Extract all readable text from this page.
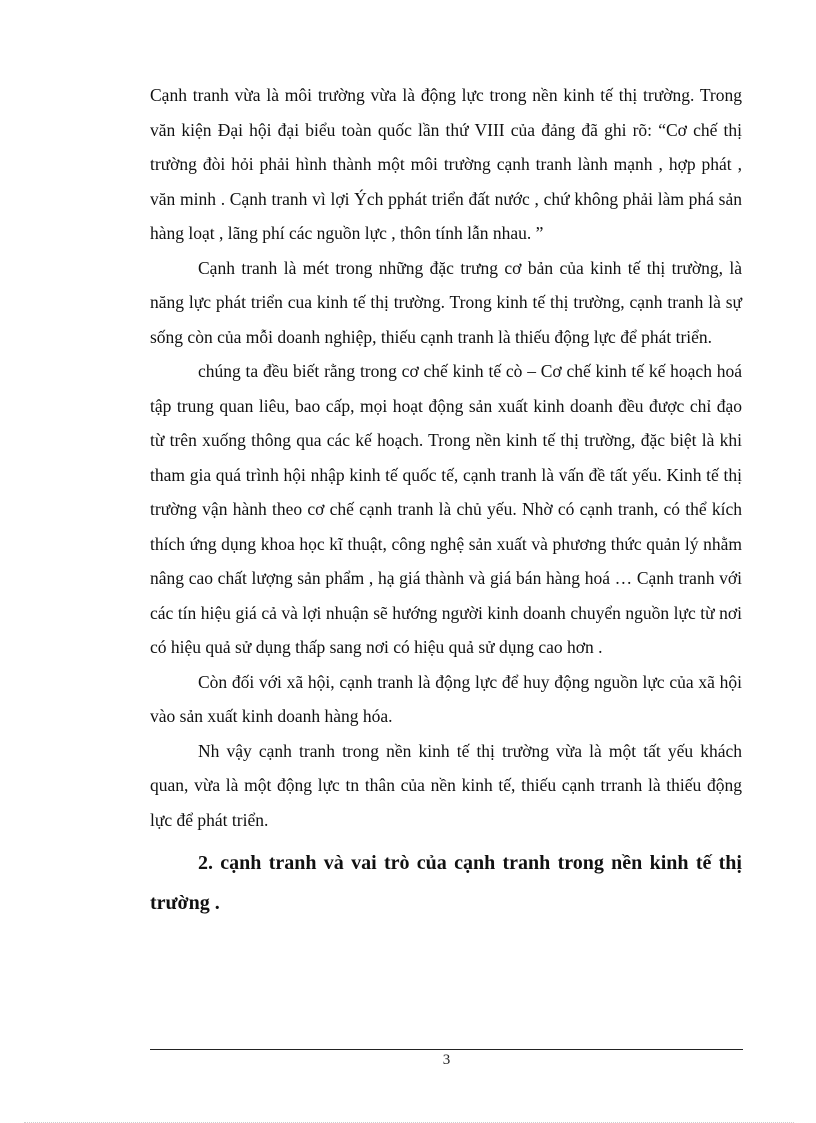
Cạnh tranh vừa là môi trường vừa là động lực trong nền kinh tế thị trường. Trong văn kiện Đại hội đại biểu toàn quốc lần thứ VIII của đảng đã ghi rõ: “Cơ chế thị trường đòi hỏi phải hình thành một môi trường cạnh tranh lành mạnh , hợp phát , văn minh . Cạnh tranh vì lợi Ých pphát triển đất nước , chứ không phải làm phá sản hàng loạt , lãng phí các nguồn lực , thôn tính lẫn nhau. ”

Cạnh tranh là mét trong những đặc trưng cơ bản của kinh tế thị trường, là năng lực phát triển cua kinh tế thị trường. Trong kinh tế thị trường, cạnh tranh là sự sống còn của mỗi doanh nghiệp, thiếu cạnh tranh là thiếu động lực để phát triển.

chúng ta đều biết rằng trong cơ chế kinh tế cò – Cơ chế kinh tế kế hoạch hoá tập trung quan liêu, bao cấp, mọi hoạt động sản xuất kinh doanh đều được chỉ đạo từ trên xuống thông qua các kế hoạch. Trong nền kinh tế thị trường, đặc biệt là khi tham gia quá trình hội nhập kinh tế quốc tế, cạnh tranh là vấn đề tất yếu. Kinh tế thị trường vận hành theo cơ chế cạnh tranh là chủ yếu. Nhờ có cạnh tranh, có thể kích thích ứng dụng khoa học kĩ thuật, công nghệ sản xuất và phương thức quản lý nhằm nâng cao chất lượng sản phẩm , hạ giá thành và giá bán hàng hoá … Cạnh tranh với các tín hiệu giá cả và lợi nhuận sẽ hướng người kinh doanh chuyển nguồn lực từ nơi có hiệu quả sử dụng thấp sang nơi có hiệu quả sử dụng cao hơn .

Còn đối với xã hội, cạnh tranh là động lực để huy động nguồn lực của xã hội vào sản xuất kinh doanh hàng hóa.

Nh vậy cạnh tranh trong nền kinh tế thị trường vừa là một tất yếu khách quan, vừa là một động lực tn thân của nền kinh tế, thiếu cạnh trranh là thiếu động lực để phát triển.

2. cạnh tranh và vai trò của cạnh tranh trong nền kinh tế thị trường .

3
